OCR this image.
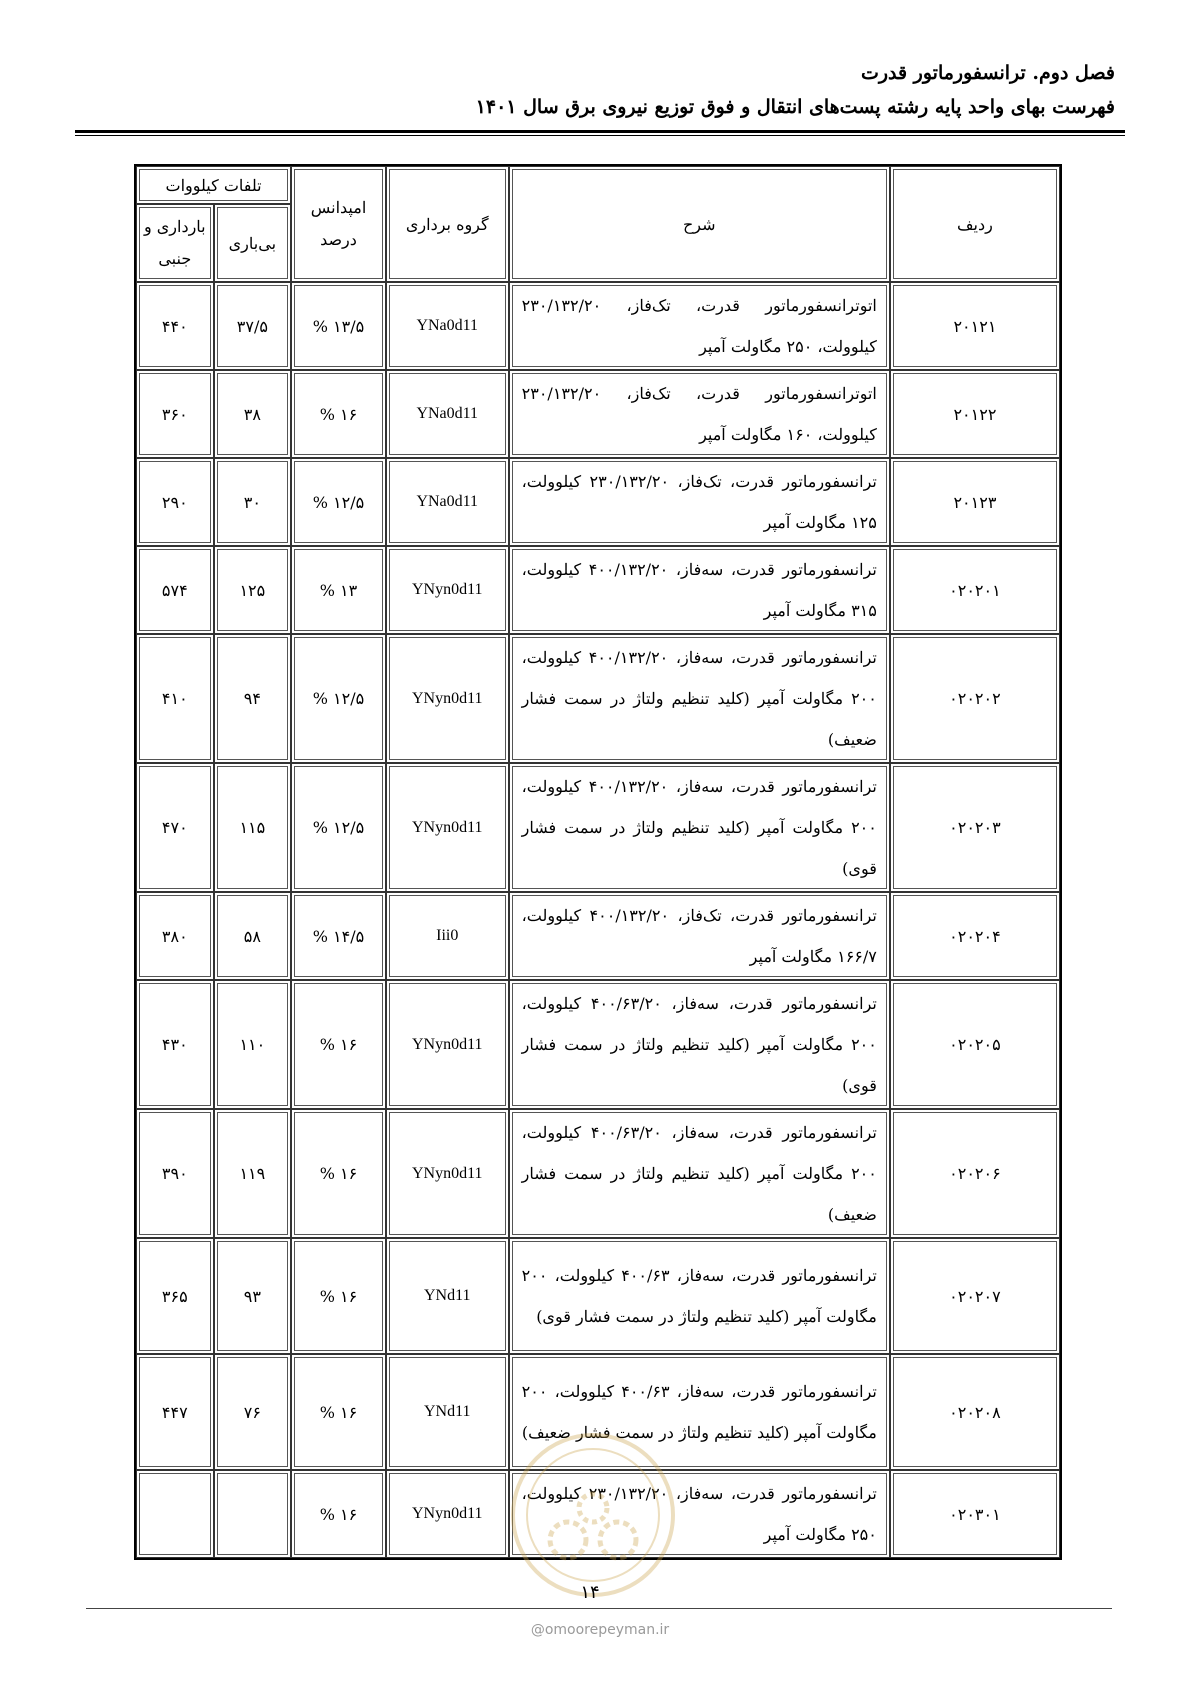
فصل دوم. ترانسفورماتور قدرت
فهرست بهای واحد پایه رشته پست‌های انتقال و فوق توزیع نیروی برق سال ۱۴۰۱
ردیف	شرح	گروه برداری	امپدانس درصد	تلفات کیلووات	
				بی‌باری	بارداری و جنبی
۲۰۱۲۱	اتوترانسفورماتور قدرت، تک‌فاز، ۲۳۰/۱۳۲/۲۰ کیلوولت، ۲۵۰ مگاولت آمپر	YNa0d11	۱۳/۵ %	۳۷/۵	۴۴۰
۲۰۱۲۲	اتوترانسفورماتور قدرت، تک‌فاز، ۲۳۰/۱۳۲/۲۰ کیلوولت، ۱۶۰ مگاولت آمپر	YNa0d11	۱۶ %	۳۸	۳۶۰
۲۰۱۲۳	ترانسفورماتور قدرت، تک‌فاز، ۲۳۰/۱۳۲/۲۰ کیلوولت، ۱۲۵ مگاولت آمپر	YNa0d11	۱۲/۵ %	۳۰	۲۹۰
۰۲۰۲۰۱	ترانسفورماتور قدرت، سه‌فاز، ۴۰۰/۱۳۲/۲۰ کیلوولت، ۳۱۵ مگاولت آمپر	YNyn0d11	۱۳ %	۱۲۵	۵۷۴
۰۲۰۲۰۲	ترانسفورماتور قدرت، سه‌فاز، ۴۰۰/۱۳۲/۲۰ کیلوولت، ۲۰۰ مگاولت آمپر (کلید تنظیم ولتاژ در سمت فشار ضعیف)	YNyn0d11	۱۲/۵ %	۹۴	۴۱۰
۰۲۰۲۰۳	ترانسفورماتور قدرت، سه‌فاز، ۴۰۰/۱۳۲/۲۰ کیلوولت، ۲۰۰ مگاولت آمپر (کلید تنظیم ولتاژ در سمت فشار قوی)	YNyn0d11	۱۲/۵ %	۱۱۵	۴۷۰
۰۲۰۲۰۴	ترانسفورماتور قدرت، تک‌فاز، ۴۰۰/۱۳۲/۲۰ کیلوولت، ۱۶۶/۷ مگاولت آمپر	Iii0	۱۴/۵ %	۵۸	۳۸۰
۰۲۰۲۰۵	ترانسفورماتور قدرت، سه‌فاز، ۴۰۰/۶۳/۲۰ کیلوولت، ۲۰۰ مگاولت آمپر (کلید تنظیم ولتاژ در سمت فشار قوی)	YNyn0d11	۱۶ %	۱۱۰	۴۳۰
۰۲۰۲۰۶	ترانسفورماتور قدرت، سه‌فاز، ۴۰۰/۶۳/۲۰ کیلوولت، ۲۰۰ مگاولت آمپر (کلید تنظیم ولتاژ در سمت فشار ضعیف)	YNyn0d11	۱۶ %	۱۱۹	۳۹۰
۰۲۰۲۰۷	ترانسفورماتور قدرت، سه‌فاز، ۴۰۰/۶۳ کیلوولت، ۲۰۰ مگاولت آمپر (کلید تنظیم ولتاژ در سمت فشار قوی)	YNd11	۱۶ %	۹۳	۳۶۵
۰۲۰۲۰۸	ترانسفورماتور قدرت، سه‌فاز، ۴۰۰/۶۳ کیلوولت، ۲۰۰ مگاولت آمپر (کلید تنظیم ولتاژ در سمت فشار ضعیف)	YNd11	۱۶ %	۷۶	۴۴۷
۰۲۰۳۰۱	ترانسفورماتور قدرت، سه‌فاز، ۲۳۰/۱۳۲/۲۰ کیلوولت، ۲۵۰ مگاولت آمپر	YNyn0d11	۱۶ %		
۱۴
@omoorepeyman.ir
